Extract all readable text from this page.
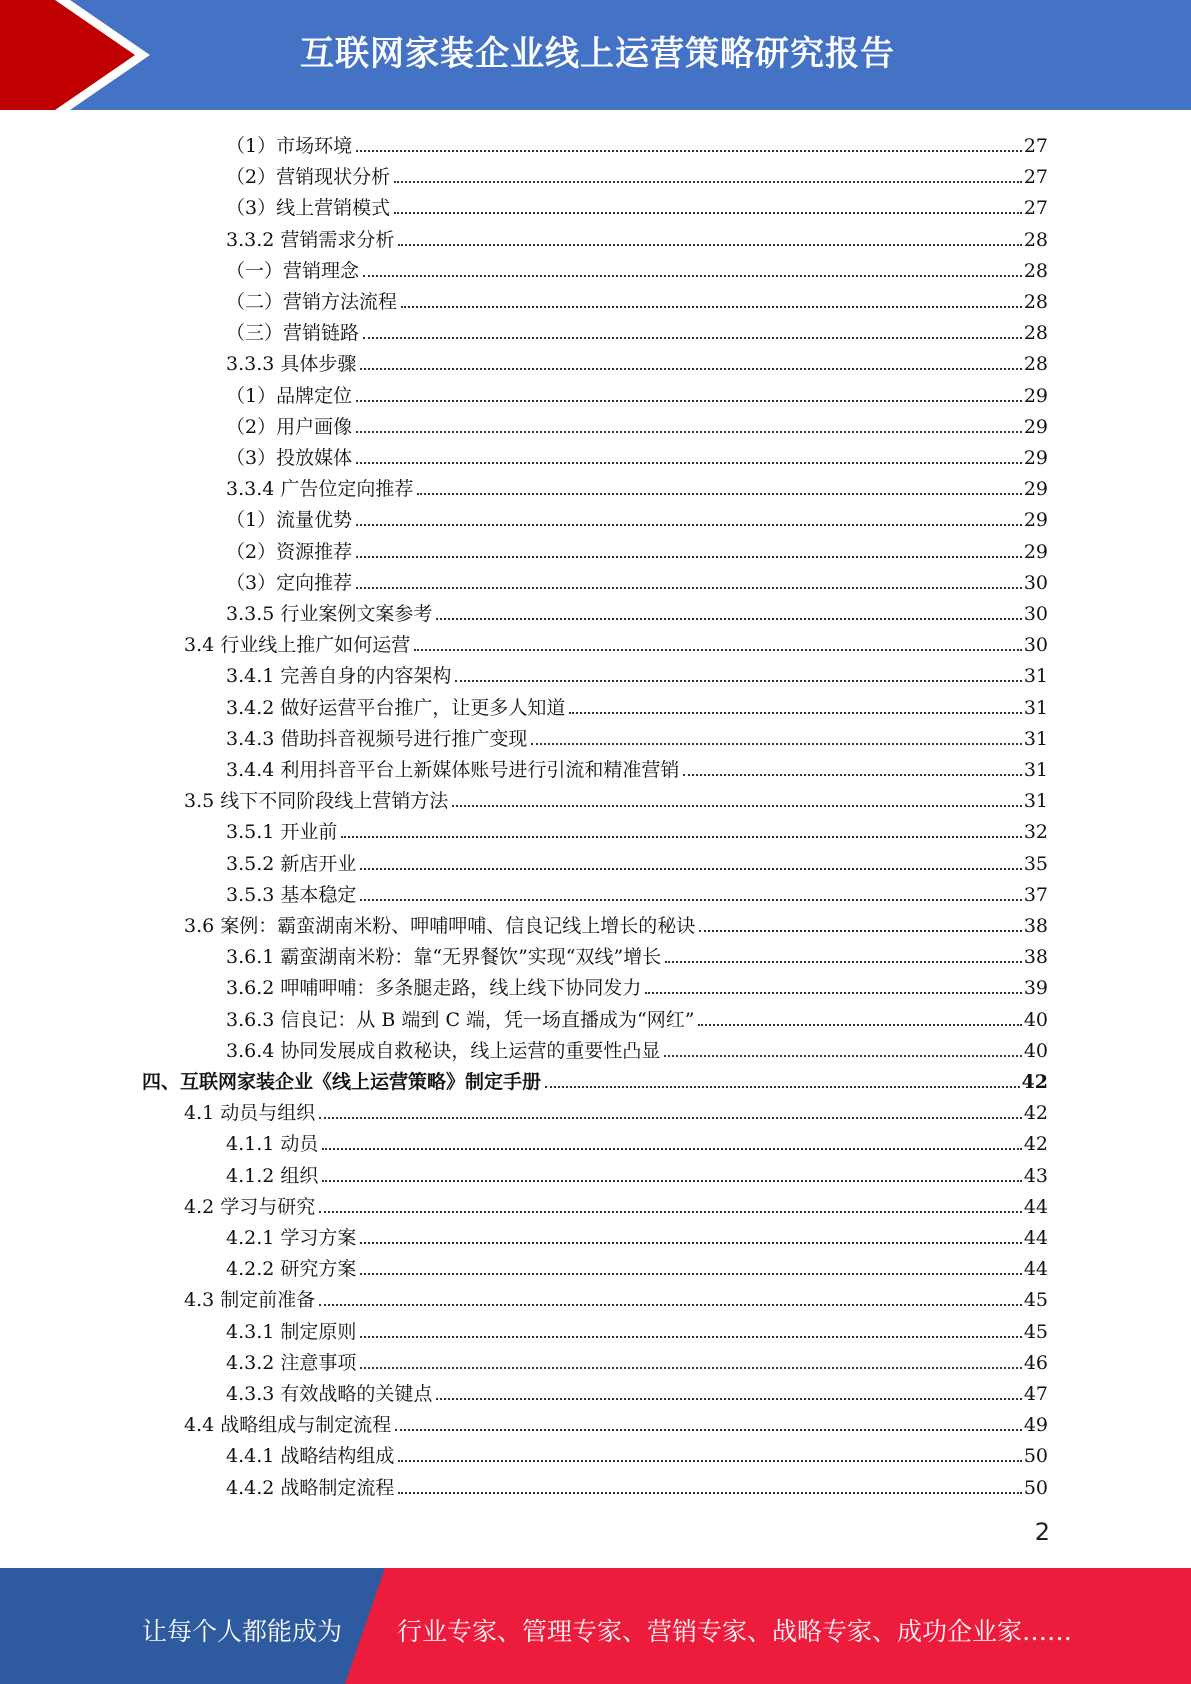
互联网家装企业线上运营策略研究报告
（1）市场环境	27
（2）营销现状分析	27
（3）线上营销模式	27
3.3.2 营销需求分析	28
（一）营销理念	28
（二）营销方法流程	28
（三）营销链路	28
3.3.3 具体步骤	28
（1）品牌定位	29
（2）用户画像	29
（3）投放媒体	29
3.3.4 广告位定向推荐	29
（1）流量优势	29
（2）资源推荐	29
（3）定向推荐	30
3.3.5 行业案例文案参考	30
3.4 行业线上推广如何运营	30
3.4.1 完善自身的内容架构	31
3.4.2 做好运营平台推广，让更多人知道	31
3.4.3 借助抖音视频号进行推广变现	31
3.4.4 利用抖音平台上新媒体账号进行引流和精准营销	31
3.5 线下不同阶段线上营销方法	31
3.5.1 开业前	32
3.5.2 新店开业	35
3.5.3 基本稳定	37
3.6 案例：霸蛮湖南米粉、呷哺呷哺、信良记线上增长的秘诀	38
3.6.1 霸蛮湖南米粉：靠“无界餐饮”实现“双线”增长	38
3.6.2 呷哺呷哺：多条腿走路，线上线下协同发力	39
3.6.3 信良记：从 B 端到 C 端，凭一场直播成为“网红”	40
3.6.4 协同发展成自救秘诀，线上运营的重要性凸显	40
四、互联网家装企业《线上运营策略》制定手册	42
4.1 动员与组织	42
4.1.1 动员	42
4.1.2 组织	43
4.2 学习与研究	44
4.2.1 学习方案	44
4.2.2 研究方案	44
4.3 制定前准备	45
4.3.1 制定原则	45
4.3.2 注意事项	46
4.3.3 有效战略的关键点	47
4.4 战略组成与制定流程	49
4.4.1 战略结构组成	50
4.4.2 战略制定流程	50
2
让每个人都能成为 行业专家、管理专家、营销专家、战略专家、成功企业家……
